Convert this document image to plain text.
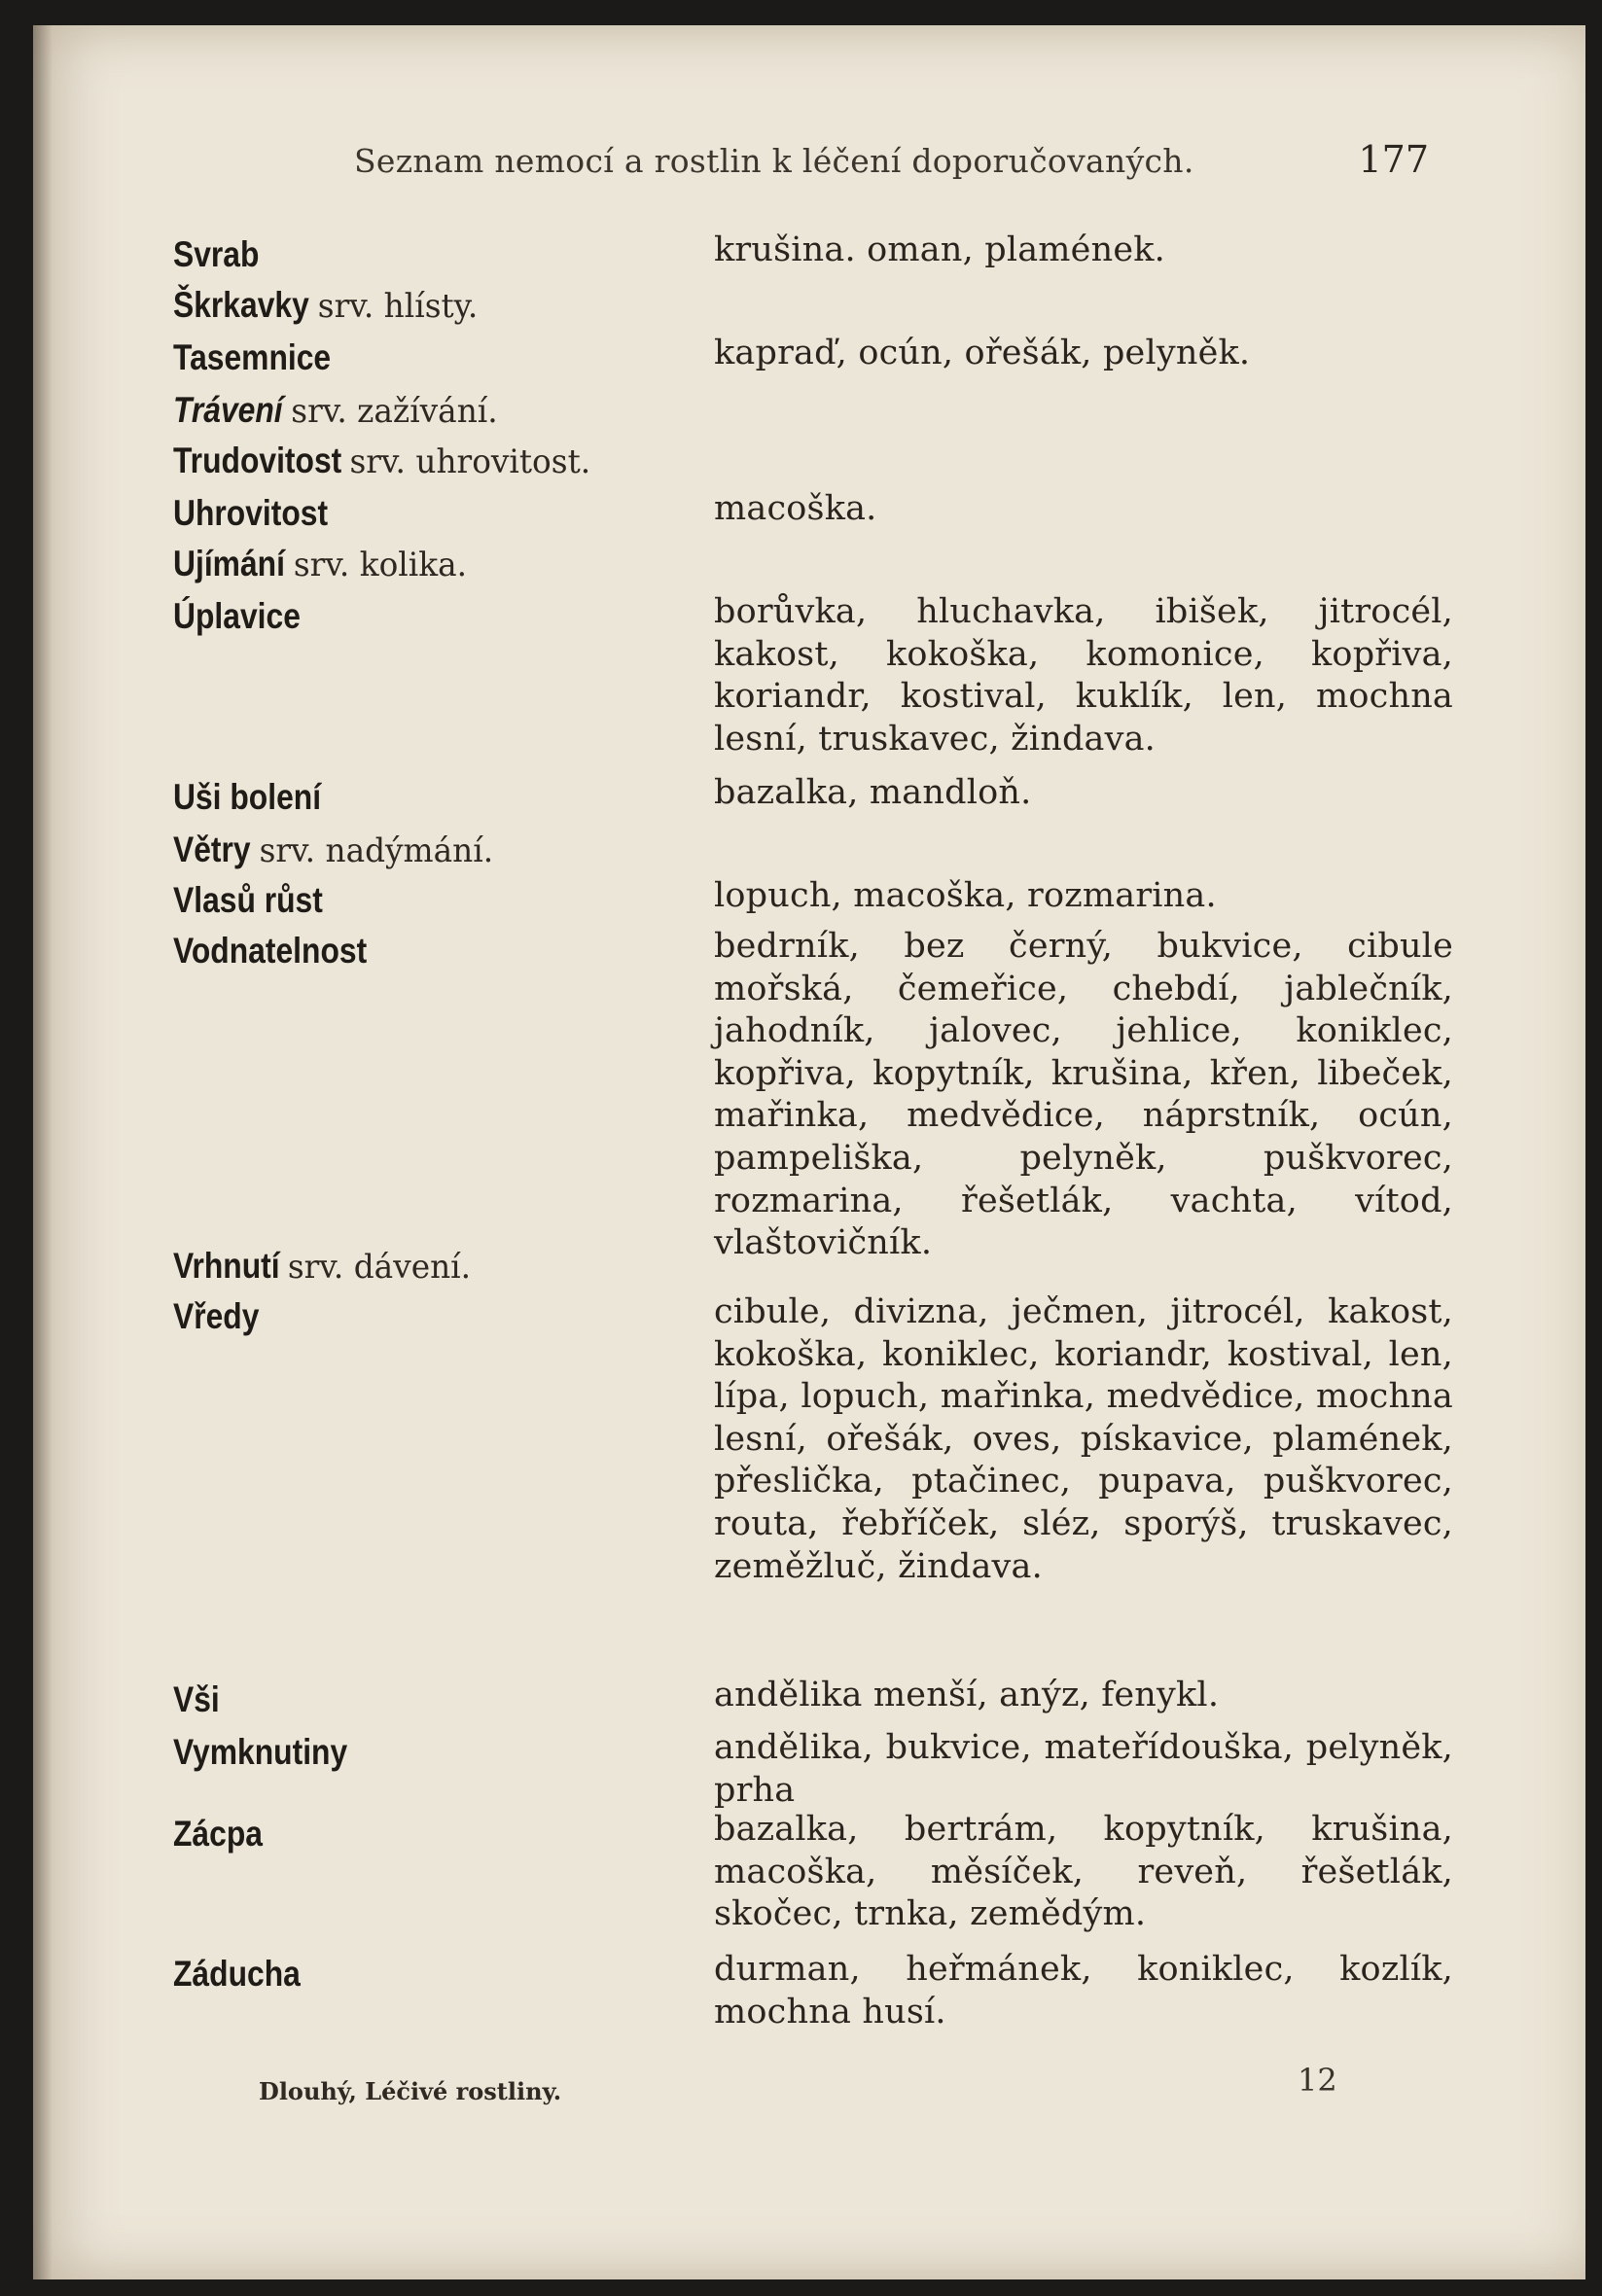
Seznam nemocí a rostlin k léčení doporučovaných.	177
Svrab	krušina. oman, plamének.
Škrkavky srv. hlísty.
Tasemnice	kapraď, ocún, ořešák, pelyněk.
Trávení srv. zažívání.
Trudovitost srv. uhrovitost.
Uhrovitost	macoška.
Ujímání srv. kolika.
Úplavice	borůvka, hluchavka, ibišek, jitrocél, kakost, kokoška, komonice, kopřiva, koriandr, kostival, kuklík, len, mochna lesní, truskavec, žindava.
Uši bolení	bazalka, mandloň.
Větry srv. nadýmání.
Vlasů růst	lopuch, macoška, rozmarina.
Vodnatelnost	bedrník, bez černý, bukvice, cibule mořská, čemeřice, chebdí, jablečník, jahodník, jalovec, jehlice, koniklec, kopřiva, kopytník, krušina, křen, libeček, mařinka, medvědice, náprstník, ocún, pampeliška, pelyněk, puškvorec, rozmarina, řešetlák, vachta, vítod, vlaštovičník.
Vrhnutí srv. dávení.
Vředy	cibule, divizna, ječmen, jitrocél, kakost, kokoška, koniklec, koriandr, kostival, len, lípa, lopuch, mařinka, medvědice, mochna lesní, ořešák, oves, pískavice, plamének, přeslička, ptačinec, pupava, puškvorec, routa, řebříček, sléz, sporýš, truskavec, zeměžluč, žindava.
Vši	andělika menší, anýz, fenykl.
Vymknutiny	andělika, bukvice, mateřídouška, pelyněk, prha
Zácpa	bazalka, bertrám, kopytník, krušina, macoška, měsíček, reveň, řešetlák, skočec, trnka, zemědým.
Záducha	durman, heřmánek, koniklec, kozlík, mochna husí.
Dlouhý, Léčivé rostliny.	12
